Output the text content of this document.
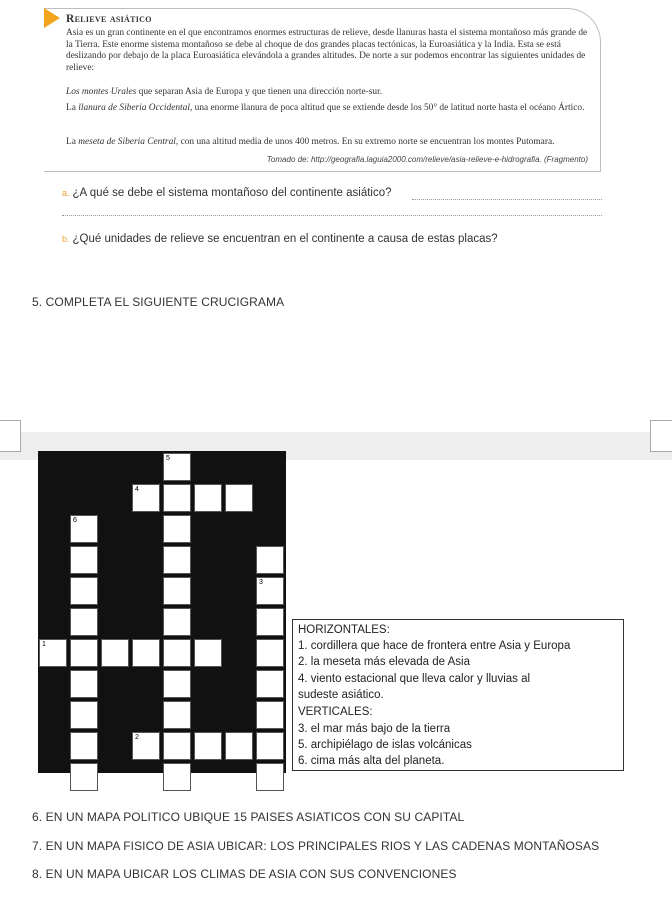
Relieve asiático

Asia es un gran continente en el que encontramos enormes estructuras de relieve, desde llanuras hasta el sistema montañoso más grande de la Tierra. Este enorme sistema montañoso se debe al choque de dos grandes placas tectónicas, la Euroasiática y la India. Esta se está deslizando por debajo de la placa Euroasiática elevándola a grandes altitudes. De norte a sur podemos encontrar las siguientes unidades de relieve:

Los montes Urales que separan Asia de Europa y que tienen una dirección norte-sur.

La llanura de Siberia Occidental, una enorme llanura de poca altitud que se extiende desde los 50° de latitud norte hasta el océano Ártico.

La meseta de Siberia Central, con una altitud media de unos 400 metros. En su extremo norte se encuentran los montes Putomara.

Tomado de: http://geografia.laguia2000.com/relieve/asia-relieve-e-hidrografia. (Fragmento)
a. ¿A qué se debe el sistema montañoso del continente asiático?
b. ¿Qué unidades de relieve se encuentran en el continente a causa de estas placas?
5. COMPLETA EL SIGUIENTE CRUCIGRAMA
5
4
6
3
1
2
HORIZONTALES:
1. cordillera que hace de frontera entre Asia y Europa
2. la meseta más elevada de Asia
4. viento estacional que lleva calor y lluvias al
sudeste asiático.
VERTICALES:
3. el mar más bajo de la tierra
5. archipiélago de islas volcánicas
6. cima más alta del planeta.
6. EN UN MAPA POLITICO UBIQUE 15 PAISES ASIATICOS CON SU CAPITAL
7. EN UN MAPA FISICO DE ASIA UBICAR: LOS PRINCIPALES RIOS Y LAS CADENAS MONTAÑOSAS
8. EN UN MAPA UBICAR LOS CLIMAS DE ASIA CON SUS CONVENCIONES
